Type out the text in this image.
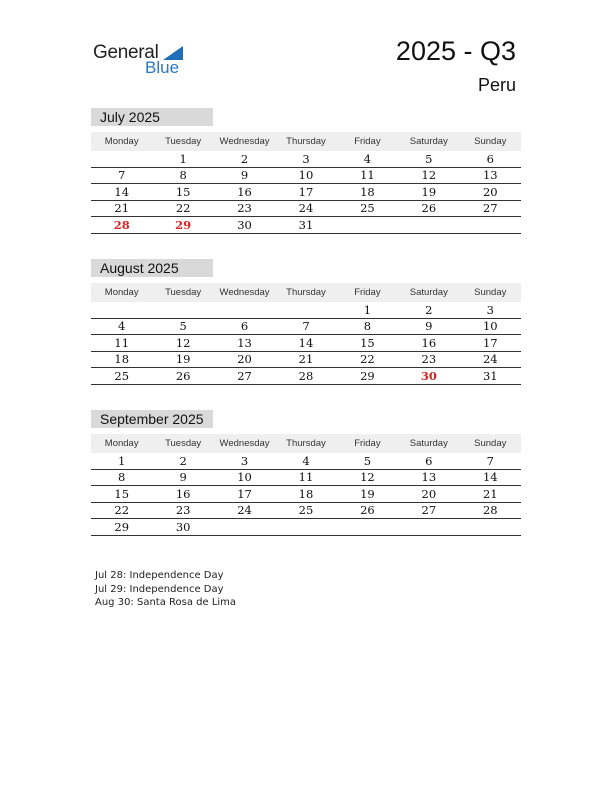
General
Blue
2025 - Q3
Peru
July 2025
Monday	Tuesday	Wednesday	Thursday	Friday	Saturday	Sunday
	1	2	3	4	5	6
7	8	9	10	11	12	13
14	15	16	17	18	19	20
21	22	23	24	25	26	27
28	29	30	31			
August 2025
Monday	Tuesday	Wednesday	Thursday	Friday	Saturday	Sunday
				1	2	3
4	5	6	7	8	9	10
11	12	13	14	15	16	17
18	19	20	21	22	23	24
25	26	27	28	29	30	31
September 2025
Monday	Tuesday	Wednesday	Thursday	Friday	Saturday	Sunday
1	2	3	4	5	6	7
8	9	10	11	12	13	14
15	16	17	18	19	20	21
22	23	24	25	26	27	28
29	30					
Jul 28: Independence Day
Jul 29: Independence Day
Aug 30: Santa Rosa de Lima
